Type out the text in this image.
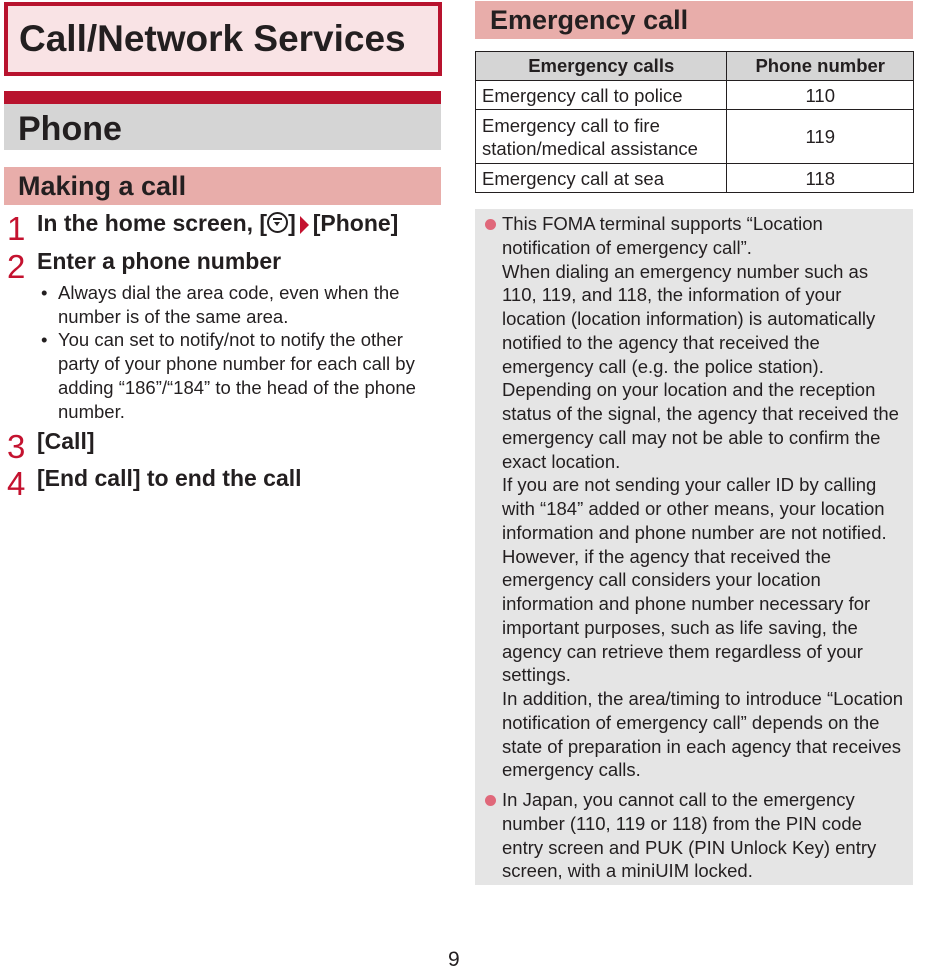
Call/Network Services
Phone
Making a call
1 In the home screen, [ ] [Phone]
2 Enter a phone number
• Always dial the area code, even when the number is of the same area.
• You can set to notify/not to notify the other party of your phone number for each call by adding “186”/“184” to the head of the phone number.
3 [Call]
4 [End call] to end the call
Emergency call
Emergency calls	Phone number
Emergency call to police	110
Emergency call to fire station/medical assistance	119
Emergency call at sea	118
This FOMA terminal supports “Location notification of emergency call”.
When dialing an emergency number such as 110, 119, and 118, the information of your location (location information) is automatically notified to the agency that received the emergency call (e.g. the police station).
Depending on your location and the reception status of the signal, the agency that received the emergency call may not be able to confirm the exact location.
If you are not sending your caller ID by calling with “184” added or other means, your location information and phone number are not notified. However, if the agency that received the emergency call considers your location information and phone number necessary for important purposes, such as life saving, the agency can retrieve them regardless of your settings.
In addition, the area/timing to introduce “Location notification of emergency call” depends on the state of preparation in each agency that receives emergency calls.
In Japan, you cannot call to the emergency number (110, 119 or 118) from the PIN code entry screen and PUK (PIN Unlock Key) entry screen, with a miniUIM locked.
9
